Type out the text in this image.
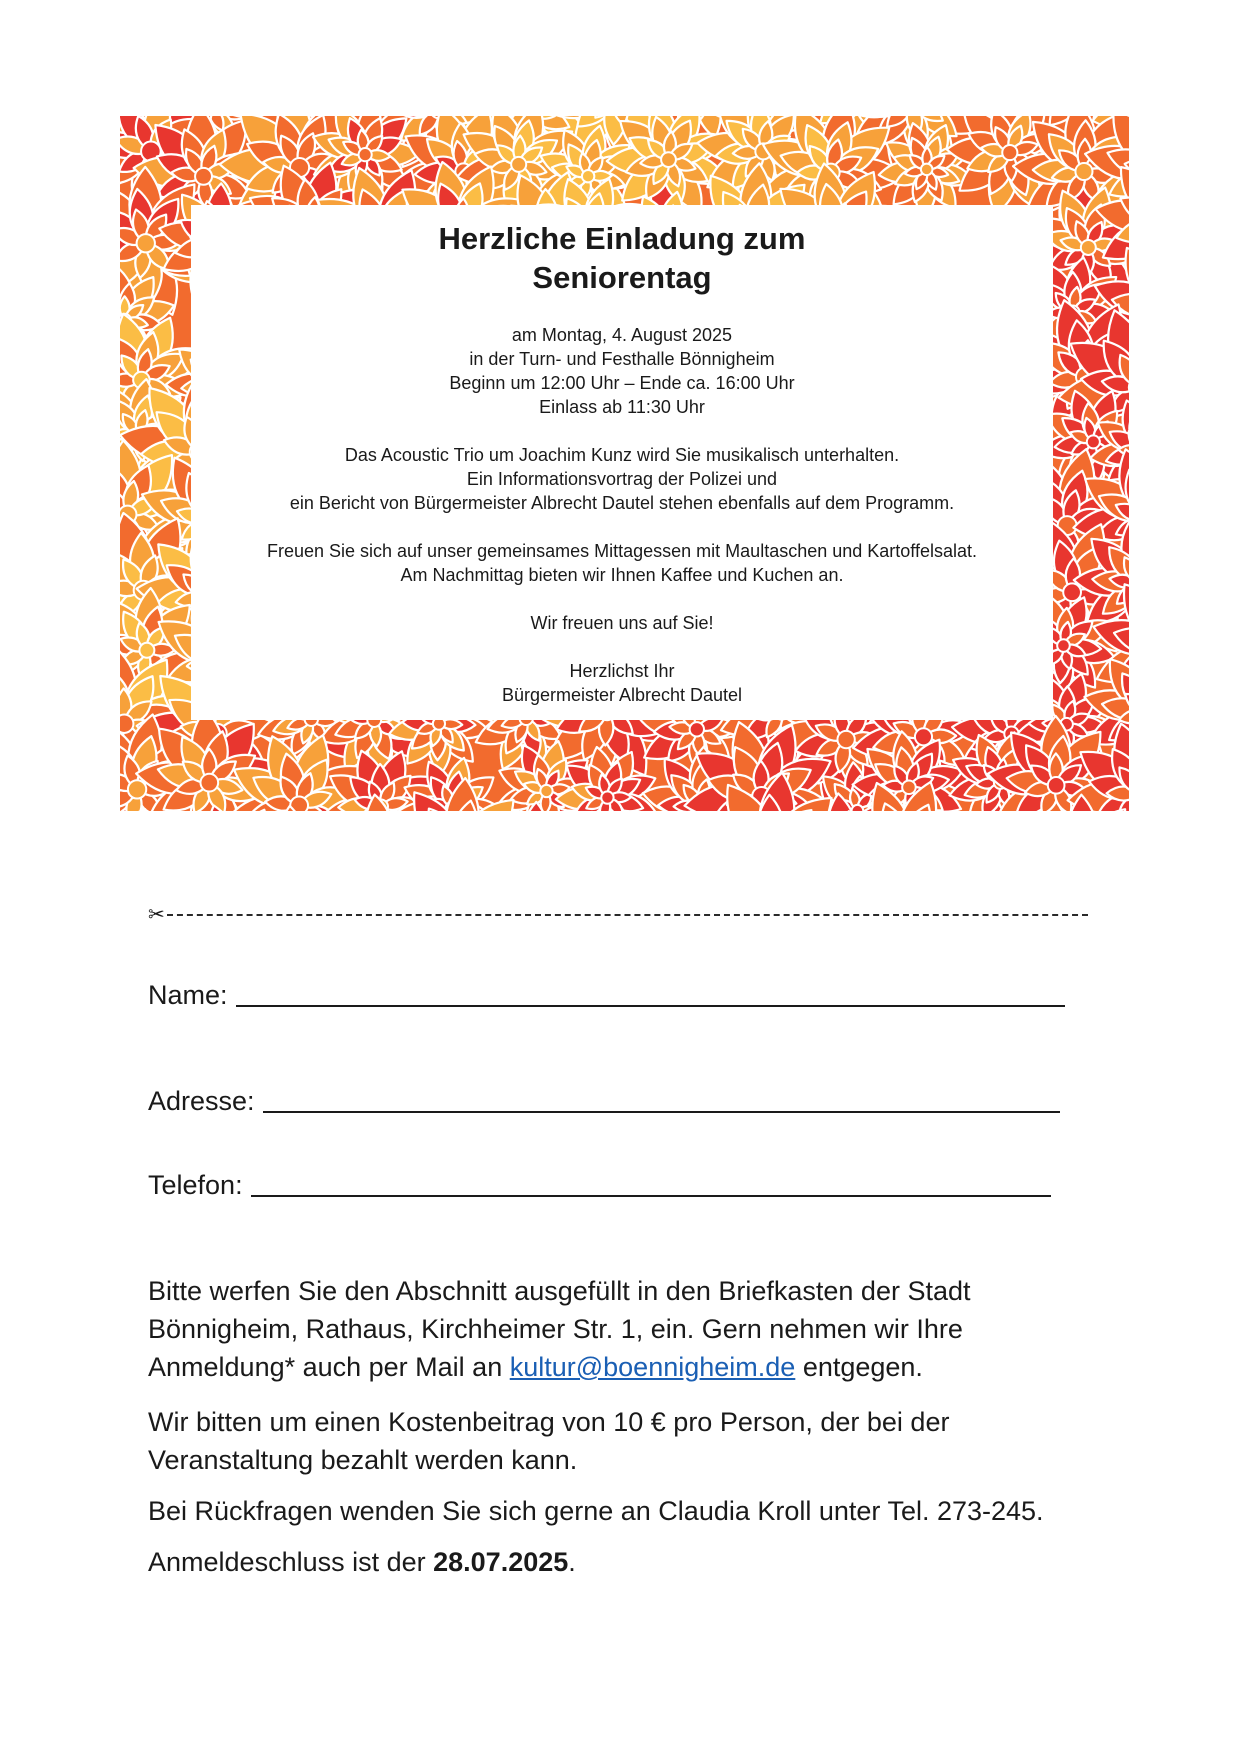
Herzliche Einladung zum
Seniorentag

am Montag, 4. August 2025
in der Turn- und Festhalle Bönnigheim
Beginn um 12:00 Uhr – Ende ca. 16:00 Uhr
Einlass ab 11:30 Uhr

Das Acoustic Trio um Joachim Kunz wird Sie musikalisch unterhalten.
Ein Informationsvortrag der Polizei und
ein Bericht von Bürgermeister Albrecht Dautel stehen ebenfalls auf dem Programm.

Freuen Sie sich auf unser gemeinsames Mittagessen mit Maultaschen und Kartoffelsalat.
Am Nachmittag bieten wir Ihnen Kaffee und Kuchen an.

Wir freuen uns auf Sie!

Herzlichst Ihr
Bürgermeister Albrecht Dautel

✂
Name:
Adresse:
Telefon:

Bitte werfen Sie den Abschnitt ausgefüllt in den Briefkasten der Stadt
Bönnigheim, Rathaus, Kirchheimer Str. 1, ein. Gern nehmen wir Ihre
Anmeldung* auch per Mail an kultur@boennigheim.de entgegen.

Wir bitten um einen Kostenbeitrag von 10 € pro Person, der bei der
Veranstaltung bezahlt werden kann.

Bei Rückfragen wenden Sie sich gerne an Claudia Kroll unter Tel. 273-245.

Anmeldeschluss ist der 28.07.2025.
